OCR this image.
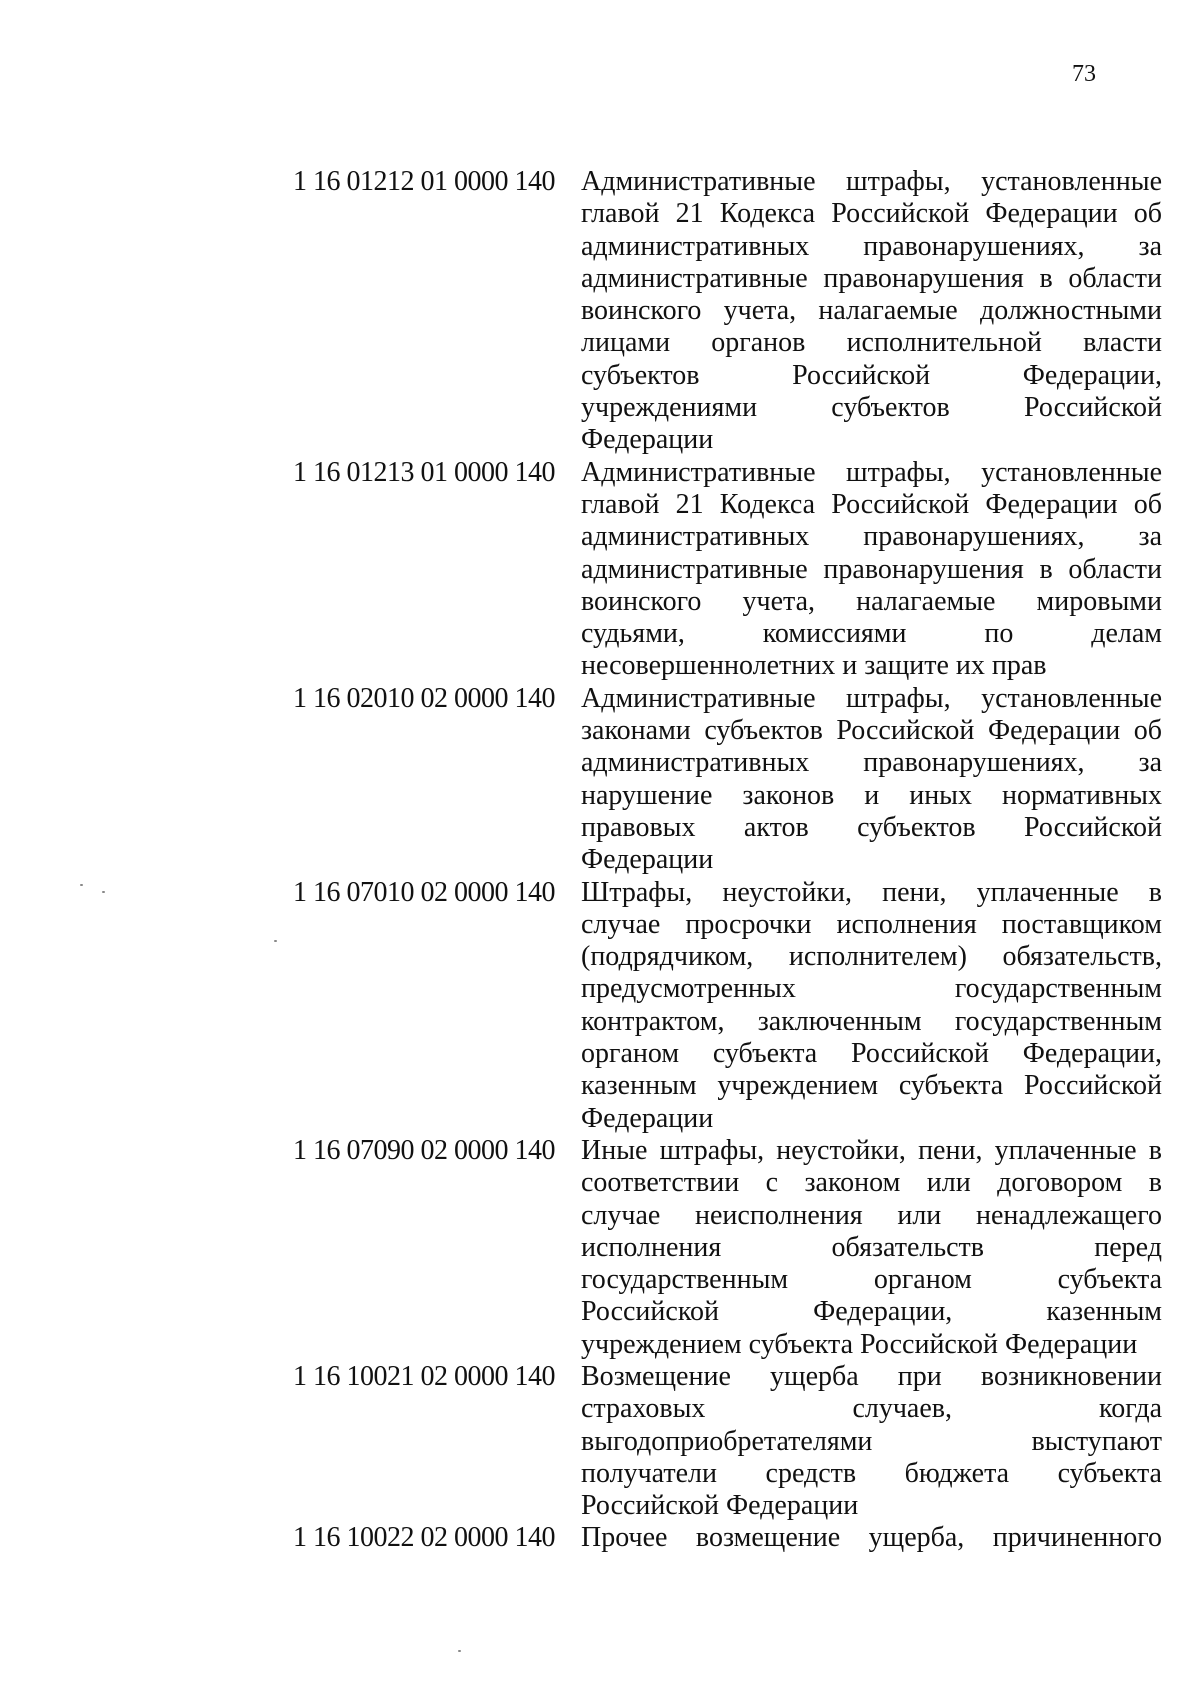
73
1 16 01212 01 0000 140 Административные штрафы, установленные
главой 21 Кодекса Российской Федерации об
административных правонарушениях, за
административные правонарушения в области
воинского учета, налагаемые должностными
лицами органов исполнительной власти
субъектов Российской Федерации,
учреждениями субъектов Российской
Федерации
1 16 01213 01 0000 140 Административные штрафы, установленные
главой 21 Кодекса Российской Федерации об
административных правонарушениях, за
административные правонарушения в области
воинского учета, налагаемые мировыми
судьями, комиссиями по делам
несовершеннолетних и защите их прав
1 16 02010 02 0000 140 Административные штрафы, установленные
законами субъектов Российской Федерации об
административных правонарушениях, за
нарушение законов и иных нормативных
правовых актов субъектов Российской
Федерации
1 16 07010 02 0000 140 Штрафы, неустойки, пени, уплаченные в
случае просрочки исполнения поставщиком
(подрядчиком, исполнителем) обязательств,
предусмотренных государственным
контрактом, заключенным государственным
органом субъекта Российской Федерации,
казенным учреждением субъекта Российской
Федерации
1 16 07090 02 0000 140 Иные штрафы, неустойки, пени, уплаченные в
соответствии с законом или договором в
случае неисполнения или ненадлежащего
исполнения обязательств перед
государственным органом субъекта
Российской Федерации, казенным
учреждением субъекта Российской Федерации
1 16 10021 02 0000 140 Возмещение ущерба при возникновении
страховых случаев, когда
выгодоприобретателями выступают
получатели средств бюджета субъекта
Российской Федерации
1 16 10022 02 0000 140 Прочее возмещение ущерба, причиненного
